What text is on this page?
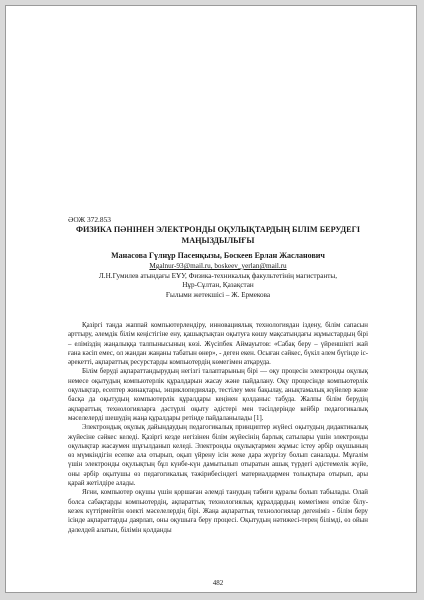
ӘОЖ 372.853
ФИЗИКА ПӘНІНЕН ЭЛЕКТРОНДЫ ОҚУЛЫҚТАРДЫҢ БІЛІМ БЕРУДЕГІ
МАҢЫЗДЫЛЫҒЫ
Манасова Гүлнұр Пасенқызы, Боскеев Ерлан Жасланович
Mgalnur-93@mail.ru, boskeev_yerlan@mail.ru
Л.Н.Гумилев атындағы ЕҰУ, Физика-техникалық факультетінің магистранты,
Нұр-Сұлтан, Қазақстан
Ғылыми жетекшісі – Ж. Ермекова

Қазіргі таңда жаппай компьютерлендіру, инновациялық технологиядан іздену, білім сапасын арттыру, әлемдік білім кеңістігіне ену, қашықтықтан оқытуға көшу мақсатындағы жұмыстардың бірі – еліміздің жаңалыққа талпынысының көзі. Жүсіпбек Аймауытов: «Сабақ беру – үйреншікті жай ғана кәсіп емес, ол жандан жаңаны табатын өнер», - деген екен. Осыған сәйкес, бүкіл әлем бүгінде ic-әрекетті, ақпараттық ресурстарды компьютердің көмегімен атқаруда.

Білім беруді ақпараттандырудың негізгі талаптарының бірі — оқу процесін электронды оқулық немесе оқытудың компьютерлік құралдарын жасау және пайдалану. Оқу процесінде компьютерлік оқулықтар, есептер жинақтары, энциклопедиялар, тестілеу мен бақылау, анықтамалық жүйелер және басқа да оқытудың компьютерлік құралдары кеңінен қолданыс табуда. Жалпы білім берудің ақпараттық технологияларға дәстүрлі оқыту әдістері мен тәсілдерінде кейбір педагогикалық мәселелерді шешудің жаңа құралдары ретінде пайдаланылады [1].

Электрондық оқулық дайындаудың педагогикалық принциптер жүйесі оқытудың дидактикалық жүйесіне сәйкес келеді. Қазіргі кезде негізінен білім жүйесінің барлық сатылары үшін электронды оқулықтар жасаумен шұғылданып келеді. Электронды оқулықтармен жұмыс істеу әрбір оқушының өз мүмкіндігін есепке ала отырып, оқып үйрену ісін жеке дара жүргізу болып саналады. Мұғалім үшін электронды оқулықтың бұл күнбе-күн дамытылып отыратын ашық түрдегі әдістемелік жүйе, оны әрбір оқытушы өз педагогикалық тәжірибесіндегі материалдармен толықтыра отырып, ары қарай жетілдіре алады.

Яғни, компьютер оқушы үшін қоршаған әлемді танудың табиғи құралы болып табылады. Олай болса сабақтарды компьютердің, ақпараттық технологиялық құралдардың көмегімен өткізе білу-кезек күттірмейтін өзекті мәселелердің бірі. Жаңа ақпараттық технологиялар дегеніміз - білім беру ісінде ақпараттарды даярлап, оны оқушыға беру процесі. Оқытудың нәтижесі-терең білімді, өз ойын дәлелдей алатын, білімін қолданды

482
